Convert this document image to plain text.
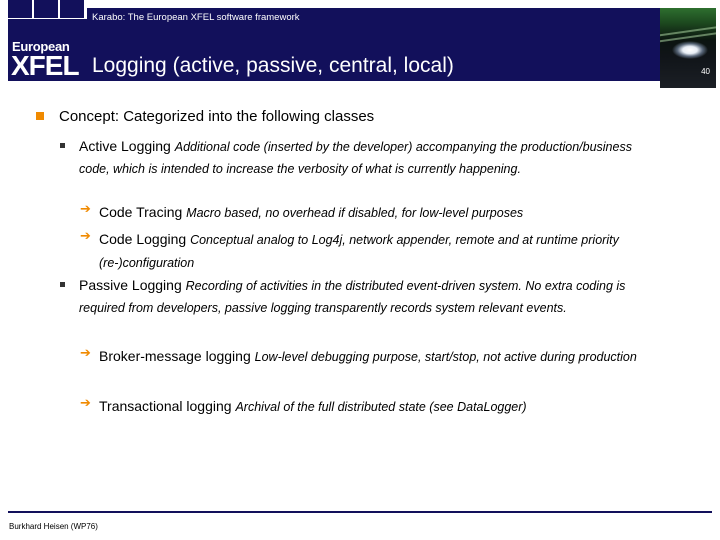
European
XFEL
Karabo: The European XFEL software framework
Logging (active, passive, central, local)	40
Concept: Categorized into the following classes
Active Logging Additional code (inserted by the developer) accompanying the production/business code, which is intended to increase the verbosity of what is currently happening.
➔ Code Tracing Macro based, no overhead if disabled, for low-level purposes
➔ Code Logging Conceptual analog to Log4j, network appender, remote and at runtime priority (re-)configuration
Passive Logging Recording of activities in the distributed event-driven system. No extra coding is required from developers, passive logging transparently records system relevant events.
➔ Broker-message logging Low-level debugging purpose, start/stop, not active during production
➔ Transactional logging Archival of the full distributed state (see DataLogger)
Burkhard Heisen (WP76)
